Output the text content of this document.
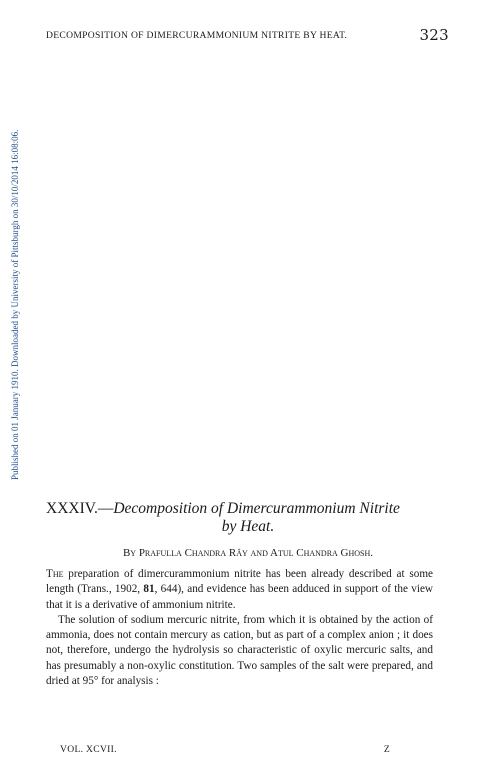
DECOMPOSITION OF DIMERCURAMMONIUM NITRITE BY HEAT.	323
Published on 01 January 1910. Downloaded by University of Pittsburgh on 30/10/2014 16:08:06.
XXXIV.—Decomposition of Dimercurammonium Nitrite
by Heat.
By Prafulla Chandra Rây and Atul Chandra Ghosh.

The preparation of dimercurammonium nitrite has been already described at some length (Trans., 1902, 81, 644), and evidence has been adduced in support of the view that it is a derivative of ammonium nitrite.

The solution of sodium mercuric nitrite, from which it is obtained by the action of ammonia, does not contain mercury as cation, but as part of a complex anion ; it does not, therefore, undergo the hydrolysis so characteristic of oxylic mercuric salts, and has presumably a non-oxylic constitution. Two samples of the salt were prepared, and dried at 95° for analysis :

VOL. XCVII.	Z
